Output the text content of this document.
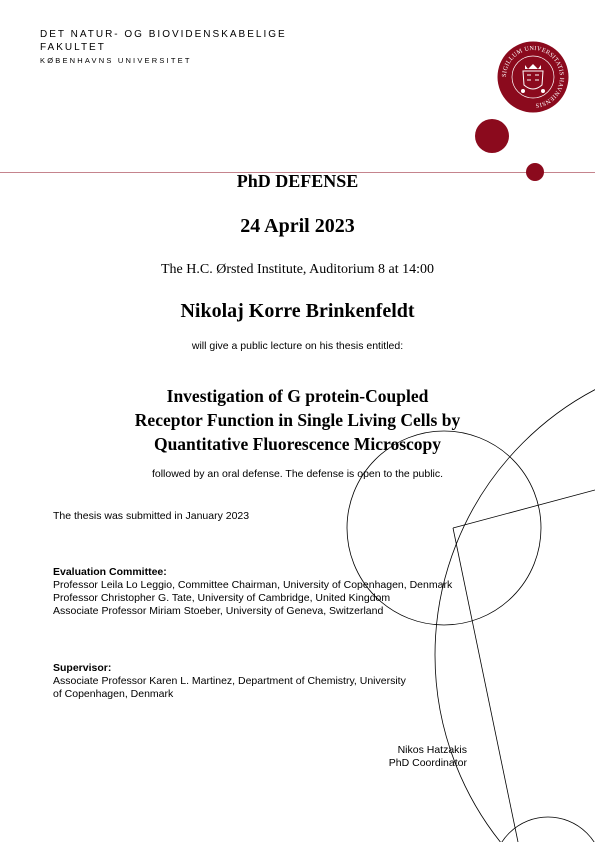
DET NATUR- OG BIOVIDENSKABELIGE
FAKULTET
KØBENHAVNS UNIVERSITET
SIGILLUM UNIVERSITATIS HAVNIENSIS
PhD DEFENSE
24 April 2023
The H.C. Ørsted Institute, Auditorium 8 at 14:00
Nikolaj Korre Brinkenfeldt
will give a public lecture on his thesis entitled:
Investigation of G protein-Coupled
Receptor Function in Single Living Cells by
Quantitative Fluorescence Microscopy
followed by an oral defense. The defense is open to the public.
The thesis was submitted in January 2023
Evaluation Committee:
Professor Leila Lo Leggio, Committee Chairman, University of Copenhagen, Denmark
Professor Christopher G. Tate, University of Cambridge, United Kingdom
Associate Professor Miriam Stoeber, University of Geneva, Switzerland
Supervisor:
Associate Professor Karen L. Martinez, Department of Chemistry, University
of Copenhagen, Denmark
Nikos Hatzakis
PhD Coordinator
